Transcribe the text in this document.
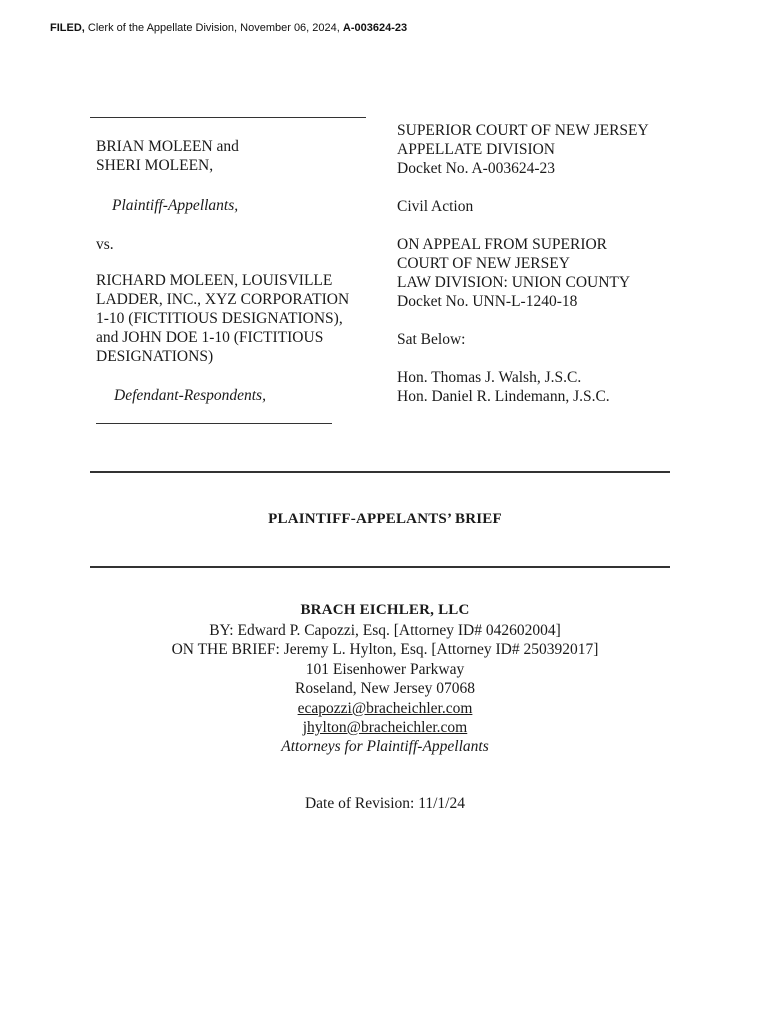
FILED, Clerk of the Appellate Division, November 06, 2024, A-003624-23
BRIAN MOLEEN and
SHERI MOLEEN,
Plaintiff-Appellants,
vs.
RICHARD MOLEEN, LOUISVILLE
LADDER, INC., XYZ CORPORATION
1-10 (FICTITIOUS DESIGNATIONS),
and JOHN DOE 1-10 (FICTITIOUS
DESIGNATIONS)
Defendant-Respondents,
SUPERIOR COURT OF NEW JERSEY
APPELLATE DIVISION
Docket No. A-003624-23
Civil Action
ON APPEAL FROM SUPERIOR
COURT OF NEW JERSEY
LAW DIVISION: UNION COUNTY
Docket No. UNN-L-1240-18
Sat Below:
Hon. Thomas J. Walsh, J.S.C.
Hon. Daniel R. Lindemann, J.S.C.
PLAINTIFF-APPELANTS’ BRIEF
BRACH EICHLER, LLC
BY: Edward P. Capozzi, Esq. [Attorney ID# 042602004]
ON THE BRIEF: Jeremy L. Hylton, Esq. [Attorney ID# 250392017]
101 Eisenhower Parkway
Roseland, New Jersey 07068
ecapozzi@bracheichler.com
jhylton@bracheichler.com
Attorneys for Plaintiff-Appellants
Date of Revision: 11/1/24
